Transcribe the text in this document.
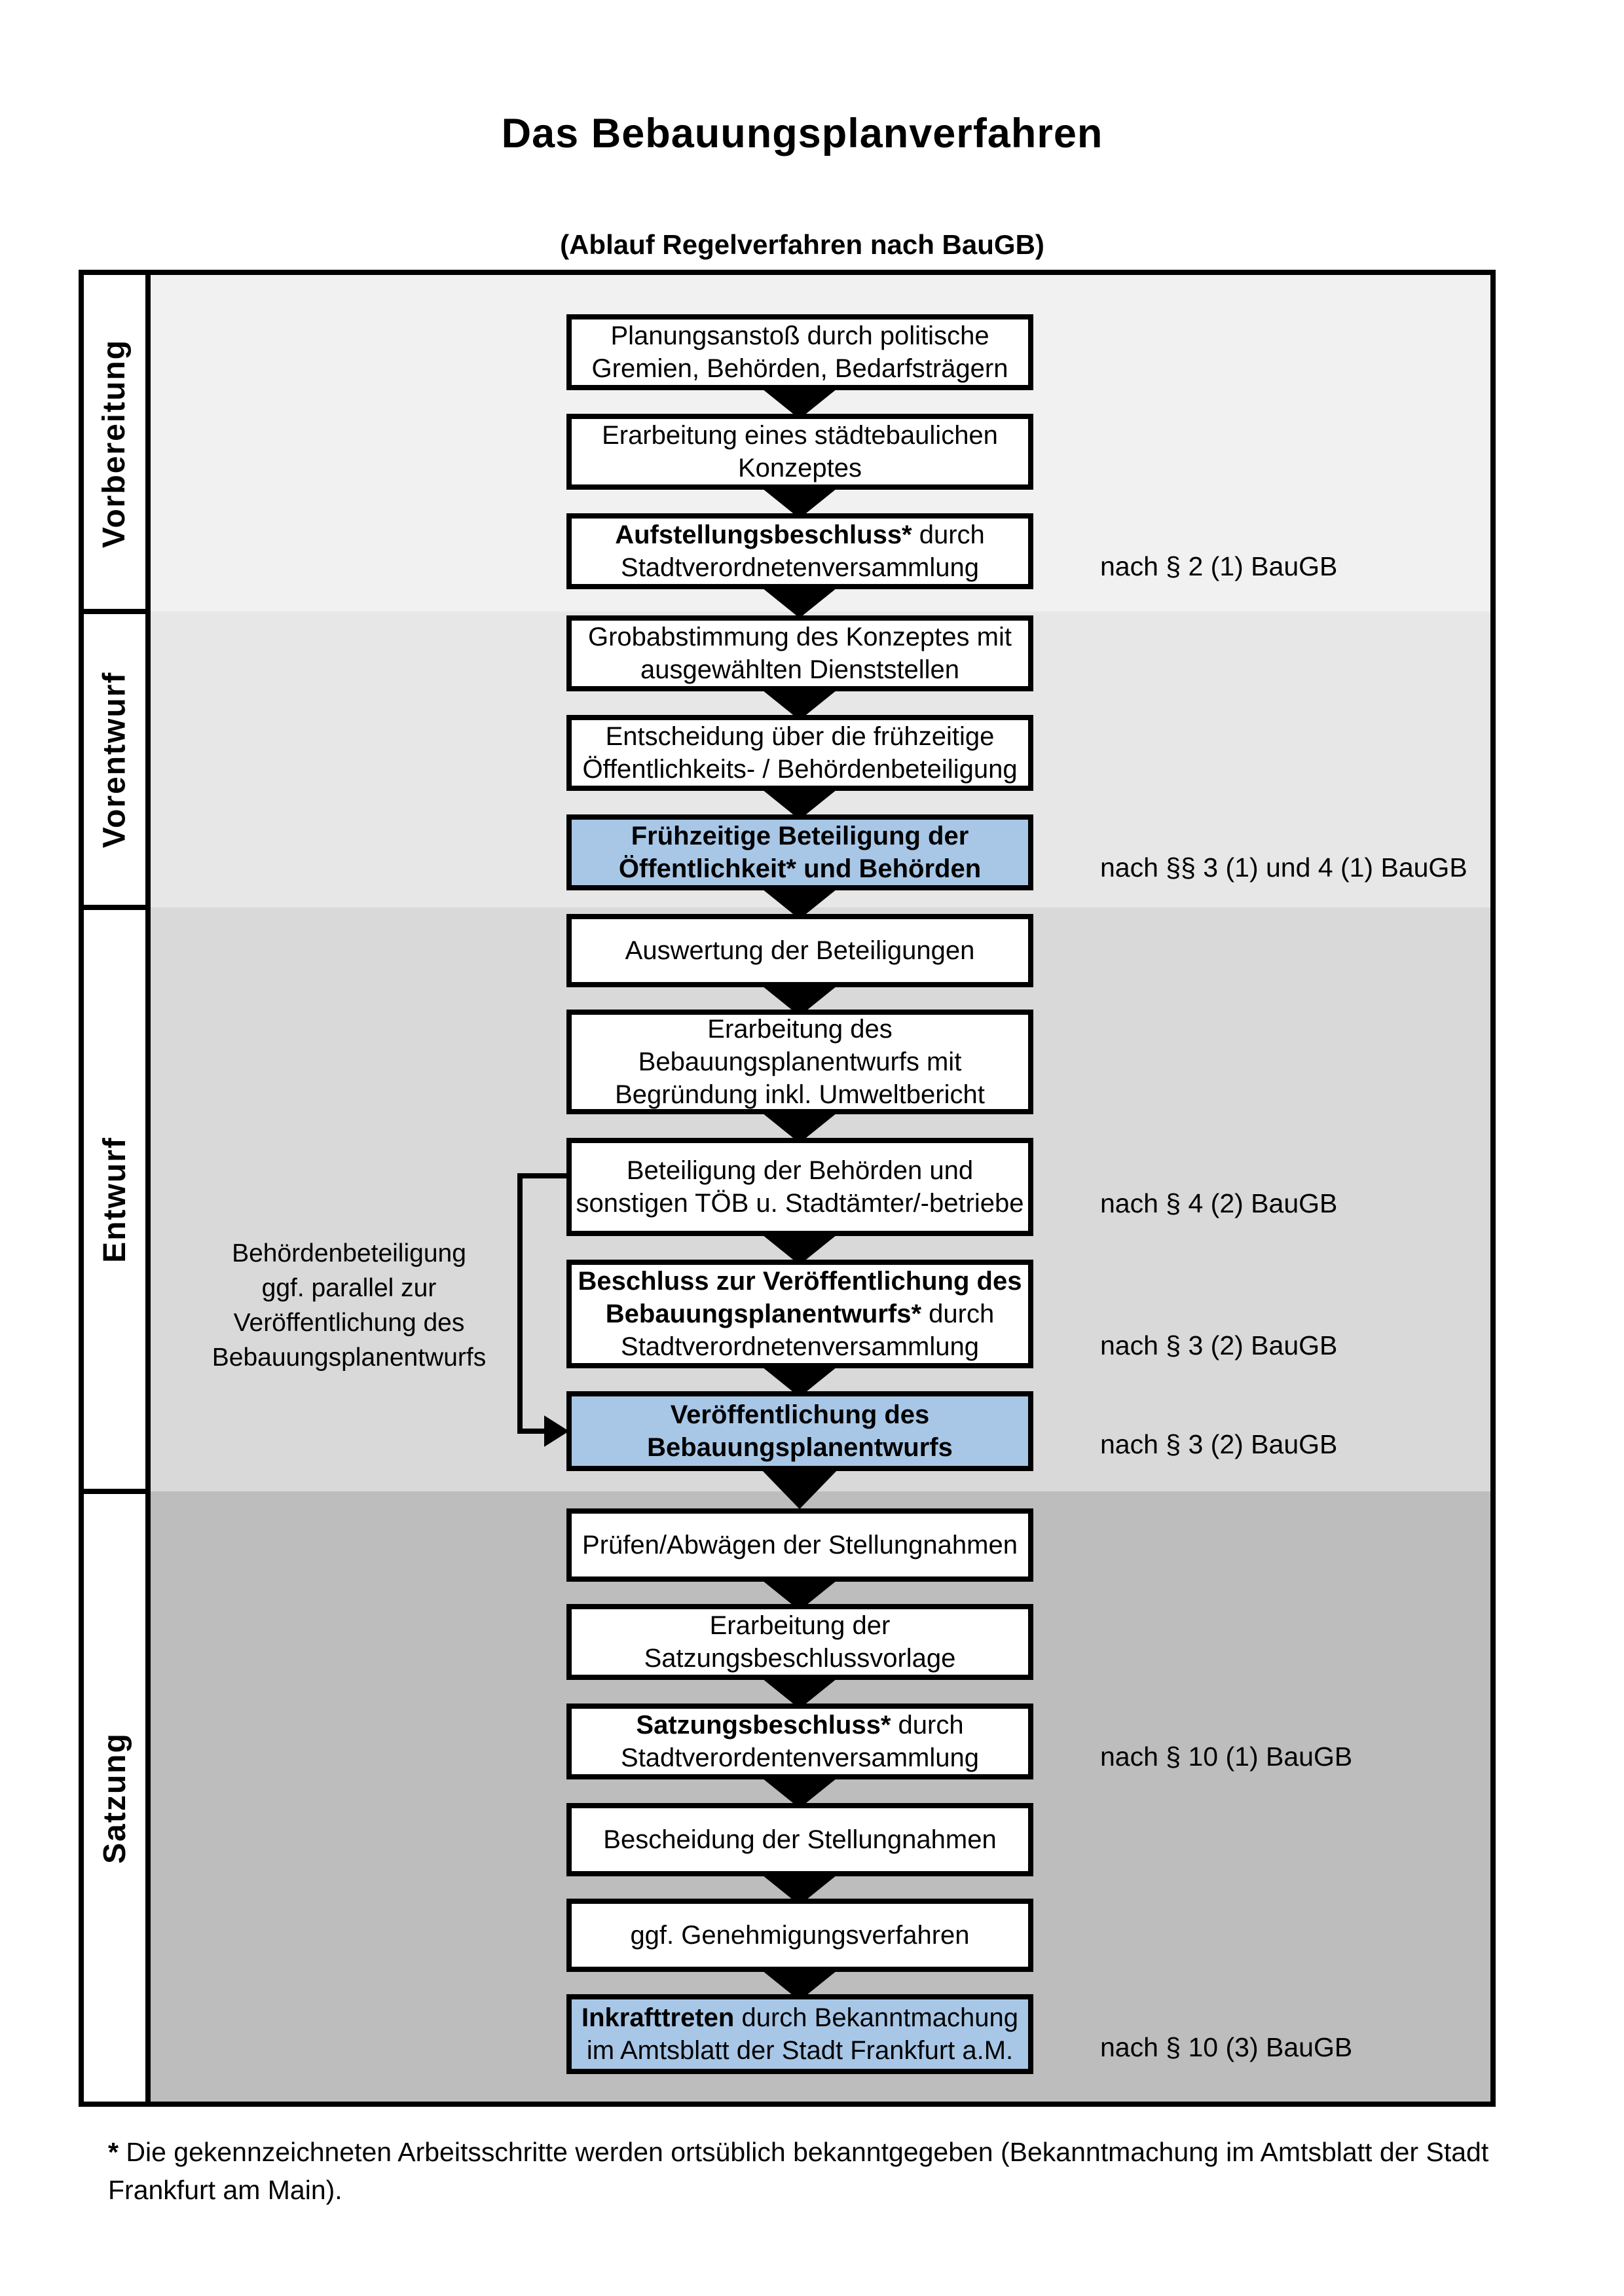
Das Bebauungsplanverfahren
(Ablauf Regelverfahren nach BauGB)
Vorbereitung
Vorentwurf
Entwurf
Satzung
Planungsanstoß durch politische
Gremien, Behörden, Bedarfsträgern
Erarbeitung eines städtebaulichen
Konzeptes
Aufstellungsbeschluss* durch
Stadtverordnetenversammlung	nach § 2 (1) BauGB
Grobabstimmung des Konzeptes mit
ausgewählten Dienststellen
Entscheidung über die frühzeitige
Öffentlichkeits- / Behördenbeteiligung
Frühzeitige Beteiligung der
Öffentlichkeit* und Behörden	nach §§ 3 (1) und 4 (1) BauGB
Auswertung der Beteiligungen
Erarbeitung des
Bebauungsplanentwurfs mit
Begründung inkl. Umweltbericht
Beteiligung der Behörden und
sonstigen TÖB u. Stadtämter/-betriebe	nach § 4 (2) BauGB
Beschluss zur Veröffentlichung des
Bebauungsplanentwurfs* durch
Stadtverordnetenversammlung	nach § 3 (2) BauGB
Veröffentlichung des
Bebauungsplanentwurfs	nach § 3 (2) BauGB
Behördenbeteiligung
ggf. parallel zur
Veröffentlichung des
Bebauungsplanentwurfs
Prüfen/Abwägen der Stellungnahmen
Erarbeitung der
Satzungsbeschlussvorlage
Satzungsbeschluss* durch
Stadtverordentenversammlung	nach § 10 (1) BauGB
Bescheidung der Stellungnahmen
ggf. Genehmigungsverfahren
Inkrafttreten durch Bekanntmachung
im Amtsblatt der Stadt Frankfurt a.M.	nach § 10 (3) BauGB
* Die gekennzeichneten Arbeitsschritte werden ortsüblich bekanntgegeben (Bekanntmachung im Amtsblatt der Stadt Frankfurt am Main).
